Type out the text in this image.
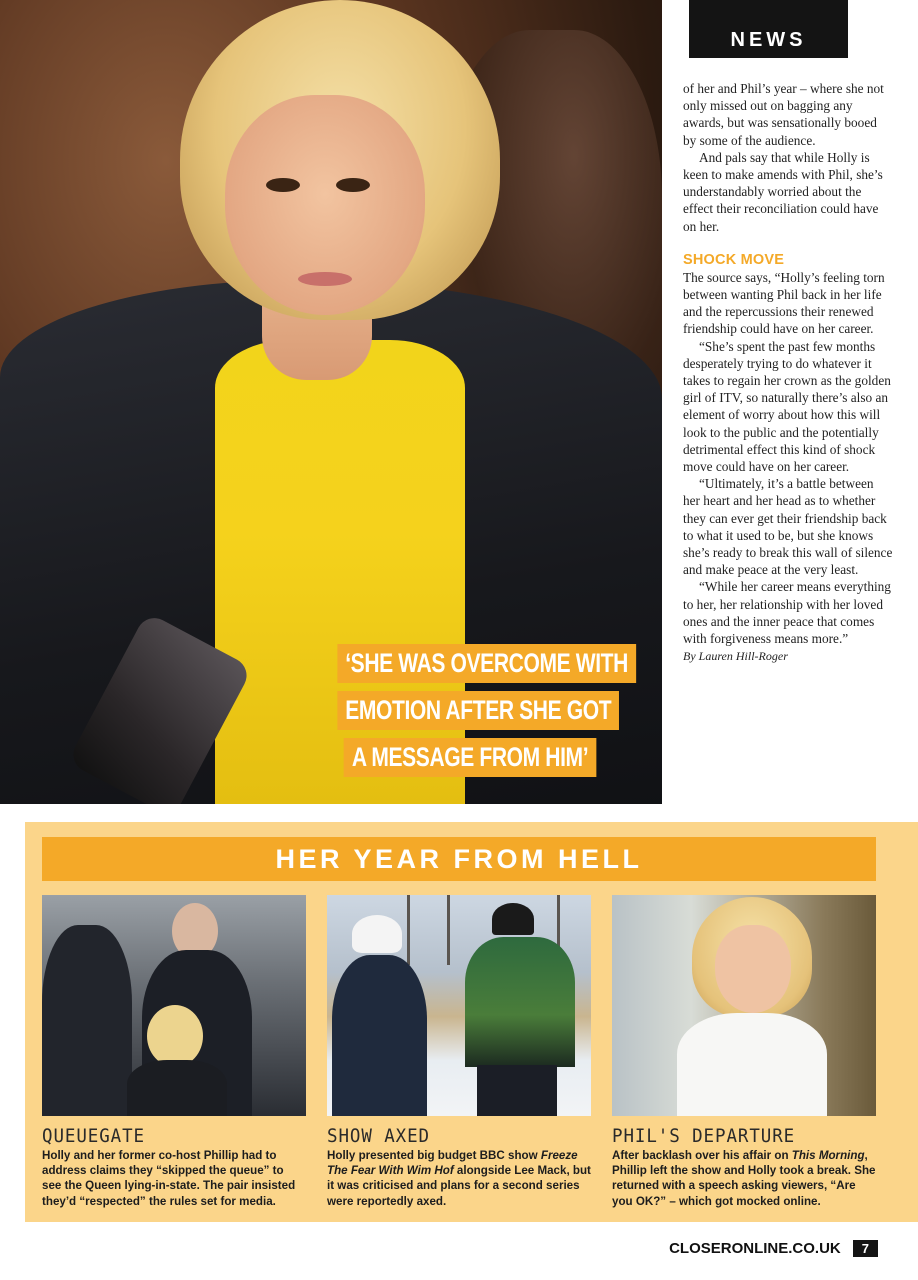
‘SHE WAS OVERCOME WITH
EMOTION AFTER SHE GOT
A MESSAGE FROM HIM’
NEWS

of her and Phil’s year – where she not only missed out on bagging any awards, but was sensationally booed by some of the audience.

And pals say that while Holly is keen to make amends with Phil, she’s understandably worried about the effect their reconciliation could have on her.

SHOCK MOVE

The source says, “Holly’s feeling torn between wanting Phil back in her life and the repercussions their renewed friendship could have on her career.

“She’s spent the past few months desperately trying to do whatever it takes to regain her crown as the golden girl of ITV, so naturally there’s also an element of worry about how this will look to the public and the potentially detrimental effect this kind of shock move could have on her career.

“Ultimately, it’s a battle between her heart and her head as to whether they can ever get their friendship back to what it used to be, but she knows she’s ready to break this wall of silence and make peace at the very least.

“While her career means everything to her, her relationship with her loved ones and the inner peace that comes with forgiveness means more.”

By Lauren Hill-Roger

HER YEAR FROM HELL
QUEUEGATE
Holly and her former co-host Phillip had to address claims they “skipped the queue” to see the Queen lying-in-state. The pair insisted they’d “respected” the rules set for media.
SHOW AXED
Holly presented big budget BBC show Freeze The Fear With Wim Hof alongside Lee Mack, but it was criticised and plans for a second series were reportedly axed.
PHIL'S DEPARTURE
After backlash over his affair on This Morning, Phillip left the show and Holly took a break. She returned with a speech asking viewers, “Are you OK?” – which got mocked online.
CLOSERONLINE.CO.UK	7
